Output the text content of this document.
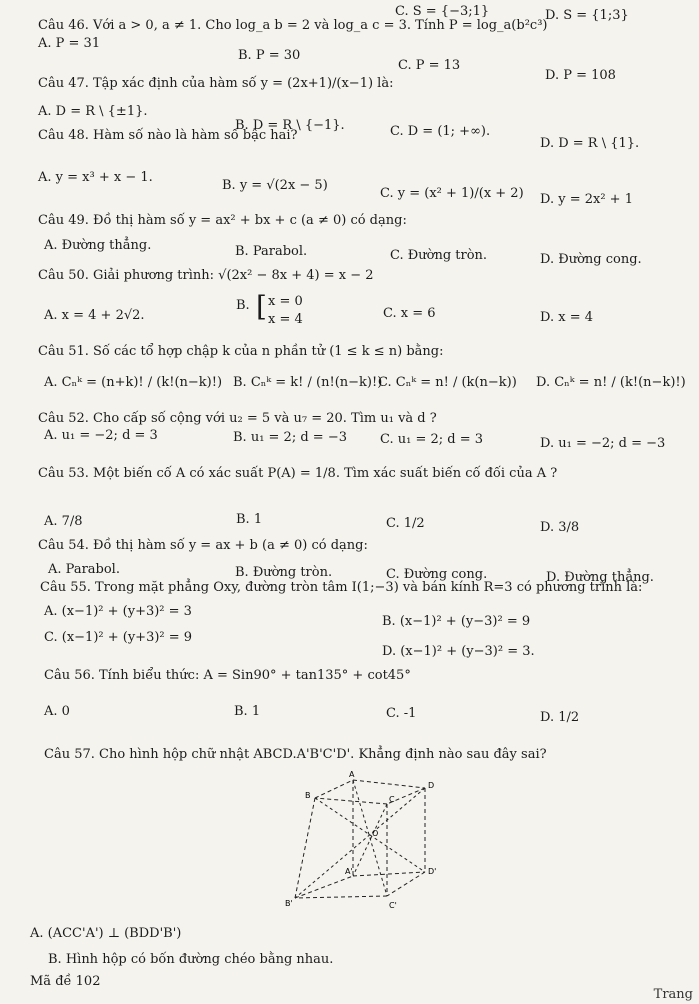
C. S = {−3;1}	D. S = {1;3}
Câu 46. Với a > 0, a ≠ 1. Cho log_a b = 2 và log_a c = 3. Tính P = log_a(b²c³)
A. P = 31
B. P = 30
C. P = 13
D. P = 108
Câu 47. Tập xác định của hàm số y = (2x+1)/(x−1) là:
A. D = R \ {±1}.
B. D = R \ {−1}.	C. D = (1; +∞).
D. D = R \ {1}.
Câu 48. Hàm số nào là hàm số bậc hai?
A. y = x³ + x − 1.
B. y = √(2x − 5)
C. y = (x² + 1)/(x + 2) D. y = 2x² + 1
Câu 49. Đồ thị hàm số y = ax² + bx + c (a ≠ 0) có dạng:
A. Đường thẳng.	B. Parabol.	C. Đường tròn.	D. Đường cong.
Câu 50. Giải phương trình: √(2x² − 8x + 4) = x − 2
A. x = 4 + 2√2.
B. [ x = 0
x = 4	C. x = 6	D. x = 4
Câu 51. Số các tổ hợp chập k của n phần tử (1 ≤ k ≤ n) bằng:
A. Cₙᵏ = (n+k)! / (k!(n−k)!) B. Cₙᵏ = k! / (n!(n−k)!)
C. Cₙᵏ = n! / (k(n−k)) D. Cₙᵏ = n! / (k!(n−k)!)
Câu 52. Cho cấp số cộng với u₂ = 5 và u₇ = 20. Tìm u₁ và d ?
A. u₁ = −2; d = 3	B. u₁ = 2; d = −3	C. u₁ = 2; d = 3	D. u₁ = −2; d = −3
Câu 53. Một biến cố A có xác suất P(A) = 1/8. Tìm xác suất biến cố đối của A ?
A. 7/8	B. 1	C. 1/2	D. 3/8
Câu 54. Đồ thị hàm số y = ax + b (a ≠ 0) có dạng:
A. Parabol.	B. Đường tròn.	C. Đường cong.	D. Đường thẳng.
Câu 55. Trong mặt phẳng Oxy, đường tròn tâm I(1;−3) và bán kính R=3 có phương trình là:
A. (x−1)² + (y+3)² = 3
B. (x−1)² + (y−3)² = 9
C. (x−1)² + (y+3)² = 9
D. (x−1)² + (y−3)² = 3.
Câu 56. Tính biểu thức: A = Sin90° + tan135° + cot45°
A. 0	B. 1	C. -1	D. 1/2
Câu 57. Cho hình hộp chữ nhật ABCD.A'B'C'D'. Khẳng định nào sau đây sai?
A
D
C
B
O
A'	D'
C'
B'
A. (ACC'A') ⊥ (BDD'B')
B. Hình hộp có bốn đường chéo bằng nhau.
Mã đề 102
Trang
